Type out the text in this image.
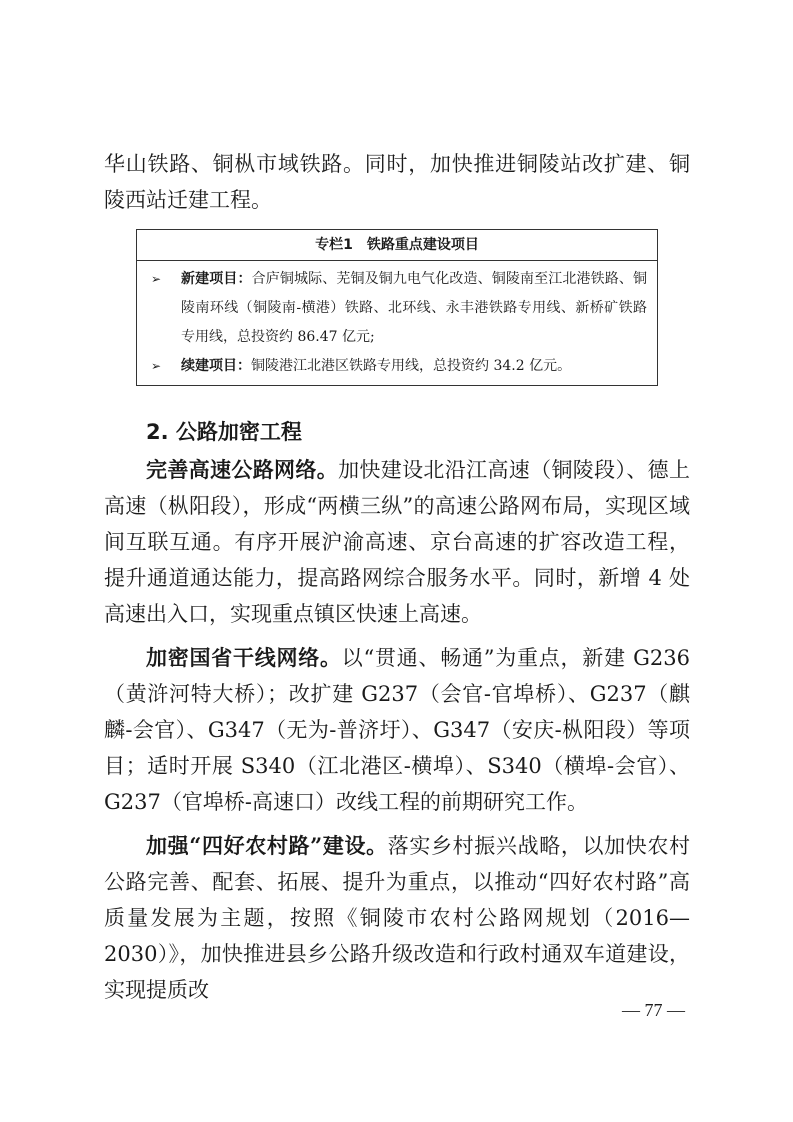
华山铁路、铜枞市域铁路。同时，加快推进铜陵站改扩建、铜陵西站迁建工程。

专栏1　铁路重点建设项目
➢	新建项目：合庐铜城际、芜铜及铜九电气化改造、铜陵南至江北港铁路、铜陵南环线（铜陵南-横港）铁路、北环线、永丰港铁路专用线、新桥矿铁路专用线，总投资约 86.47 亿元;
➢	续建项目：铜陵港江北港区铁路专用线，总投资约 34.2 亿元。

2. 公路加密工程

完善高速公路网络。加快建设北沿江高速（铜陵段）、德上高速（枞阳段），形成“两横三纵”的高速公路网布局，实现区域间互联互通。有序开展沪渝高速、京台高速的扩容改造工程，提升通道通达能力，提高路网综合服务水平。同时，新增 4 处高速出入口，实现重点镇区快速上高速。

加密国省干线网络。以“贯通、畅通”为重点，新建 G236（黄浒河特大桥）；改扩建 G237（会官-官埠桥）、G237（麒麟-会官）、G347（无为-普济圩）、G347（安庆-枞阳段）等项目；适时开展 S340（江北港区-横埠）、S340（横埠-会官）、G237（官埠桥-高速口）改线工程的前期研究工作。

加强“四好农村路”建设。落实乡村振兴战略，以加快农村公路完善、配套、拓展、提升为重点，以推动“四好农村路”高质量发展为主题，按照《铜陵市农村公路网规划（2016—2030）》，加快推进县乡公路升级改造和行政村通双车道建设，实现提质改

— 77 —
